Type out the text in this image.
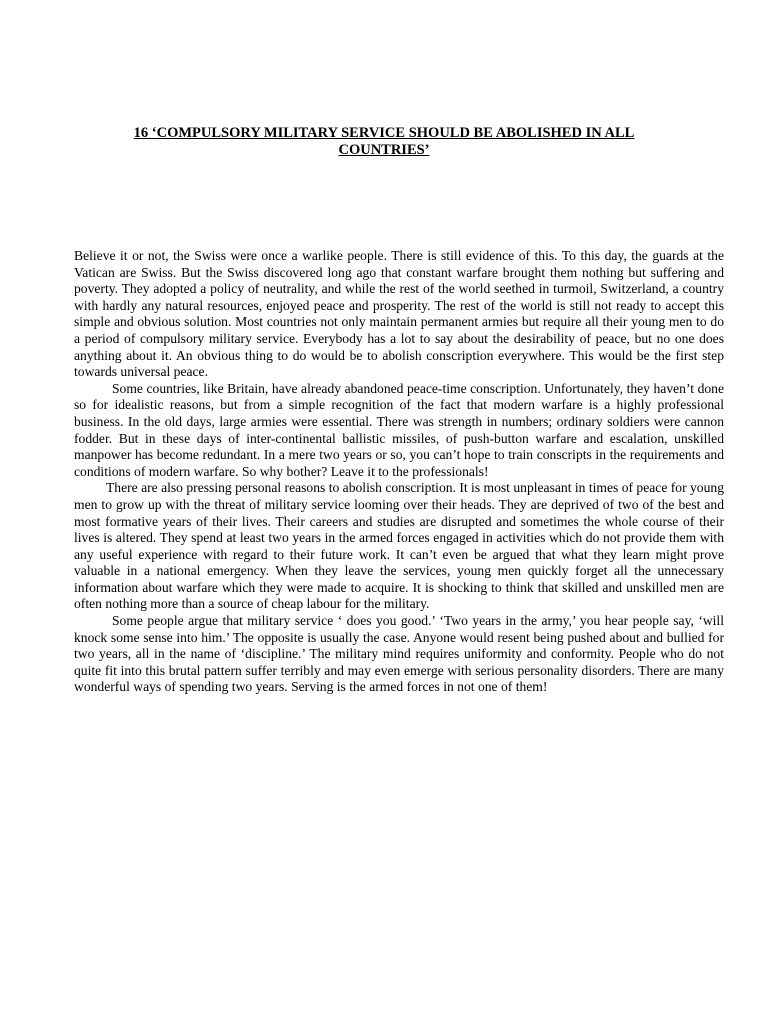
16 ‘COMPULSORY MILITARY SERVICE SHOULD BE ABOLISHED IN ALL COUNTRIES’

Believe it or not, the Swiss were once a warlike people. There is still evidence of this. To this day, the guards at the Vatican are Swiss. But the Swiss discovered long ago that constant warfare brought them nothing but suffering and poverty. They adopted a policy of neutrality, and while the rest of the world seethed in turmoil, Switzerland, a country with hardly any natural resources, enjoyed peace and prosperity. The rest of the world is still not ready to accept this simple and obvious solution. Most countries not only maintain permanent armies but require all their young men to do a period of compulsory military service. Everybody has a lot to say about the desirability of peace, but no one does anything about it. An obvious thing to do would be to abolish conscription everywhere. This would be the first step towards universal peace.

Some countries, like Britain, have already abandoned peace-time conscription. Unfortunately, they haven’t done so for idealistic reasons, but from a simple recognition of the fact that modern warfare is a highly professional business. In the old days, large armies were essential. There was strength in numbers; ordinary soldiers were cannon fodder. But in these days of inter-continental ballistic missiles, of push-button warfare and escalation, unskilled manpower has become redundant. In a mere two years or so, you can’t hope to train conscripts in the requirements and conditions of modern warfare. So why bother? Leave it to the professionals!

There are also pressing personal reasons to abolish conscription. It is most unpleasant in times of peace for young men to grow up with the threat of military service looming over their heads. They are deprived of two of the best and most formative years of their lives. Their careers and studies are disrupted and sometimes the whole course of their lives is altered. They spend at least two years in the armed forces engaged in activities which do not provide them with any useful experience with regard to their future work. It can’t even be argued that what they learn might prove valuable in a national emergency. When they leave the services, young men quickly forget all the unnecessary information about warfare which they were made to acquire. It is shocking to think that skilled and unskilled men are often nothing more than a source of cheap labour for the military.

Some people argue that military service ‘ does you good.’ ‘Two years in the army,’ you hear people say, ‘will knock some sense into him.’ The opposite is usually the case. Anyone would resent being pushed about and bullied for two years, all in the name of ‘discipline.’ The military mind requires uniformity and conformity. People who do not quite fit into this brutal pattern suffer terribly and may even emerge with serious personality disorders. There are many wonderful ways of spending two years. Serving is the armed forces in not one of them!
